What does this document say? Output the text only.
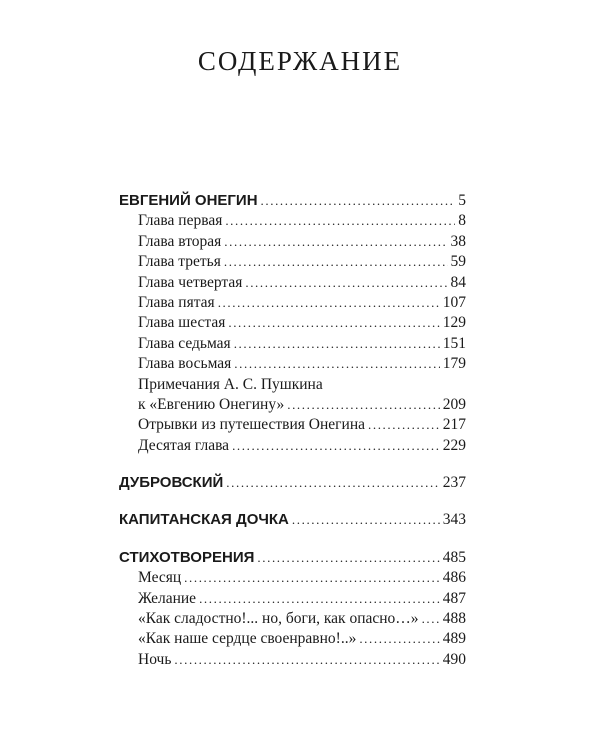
СОДЕРЖАНИЕ
ЕВГЕНИЙ ОНЕГИН .....	5
Глава первая .....	8
Глава вторая .....	38
Глава третья .....	59
Глава четвертая .....	84
Глава пятая .....	107
Глава шестая .....	129
Глава седьмая .....	151
Глава восьмая .....	179
Примечания А. С. Пушкина
к «Евгению Онегину» .....	209
Отрывки из путешествия Онегина .....	217
Десятая глава .....	229
ДУБРОВСКИЙ .....	237
КАПИТАНСКАЯ ДОЧКА .....	343
СТИХОТВОРЕНИЯ .....	485
Месяц .....	486
Желание .....	487
«Как сладостно!... но, боги, как опасно…» ..... 488
«Как наше сердце своенравно!..» .....	489
Ночь .....	490
